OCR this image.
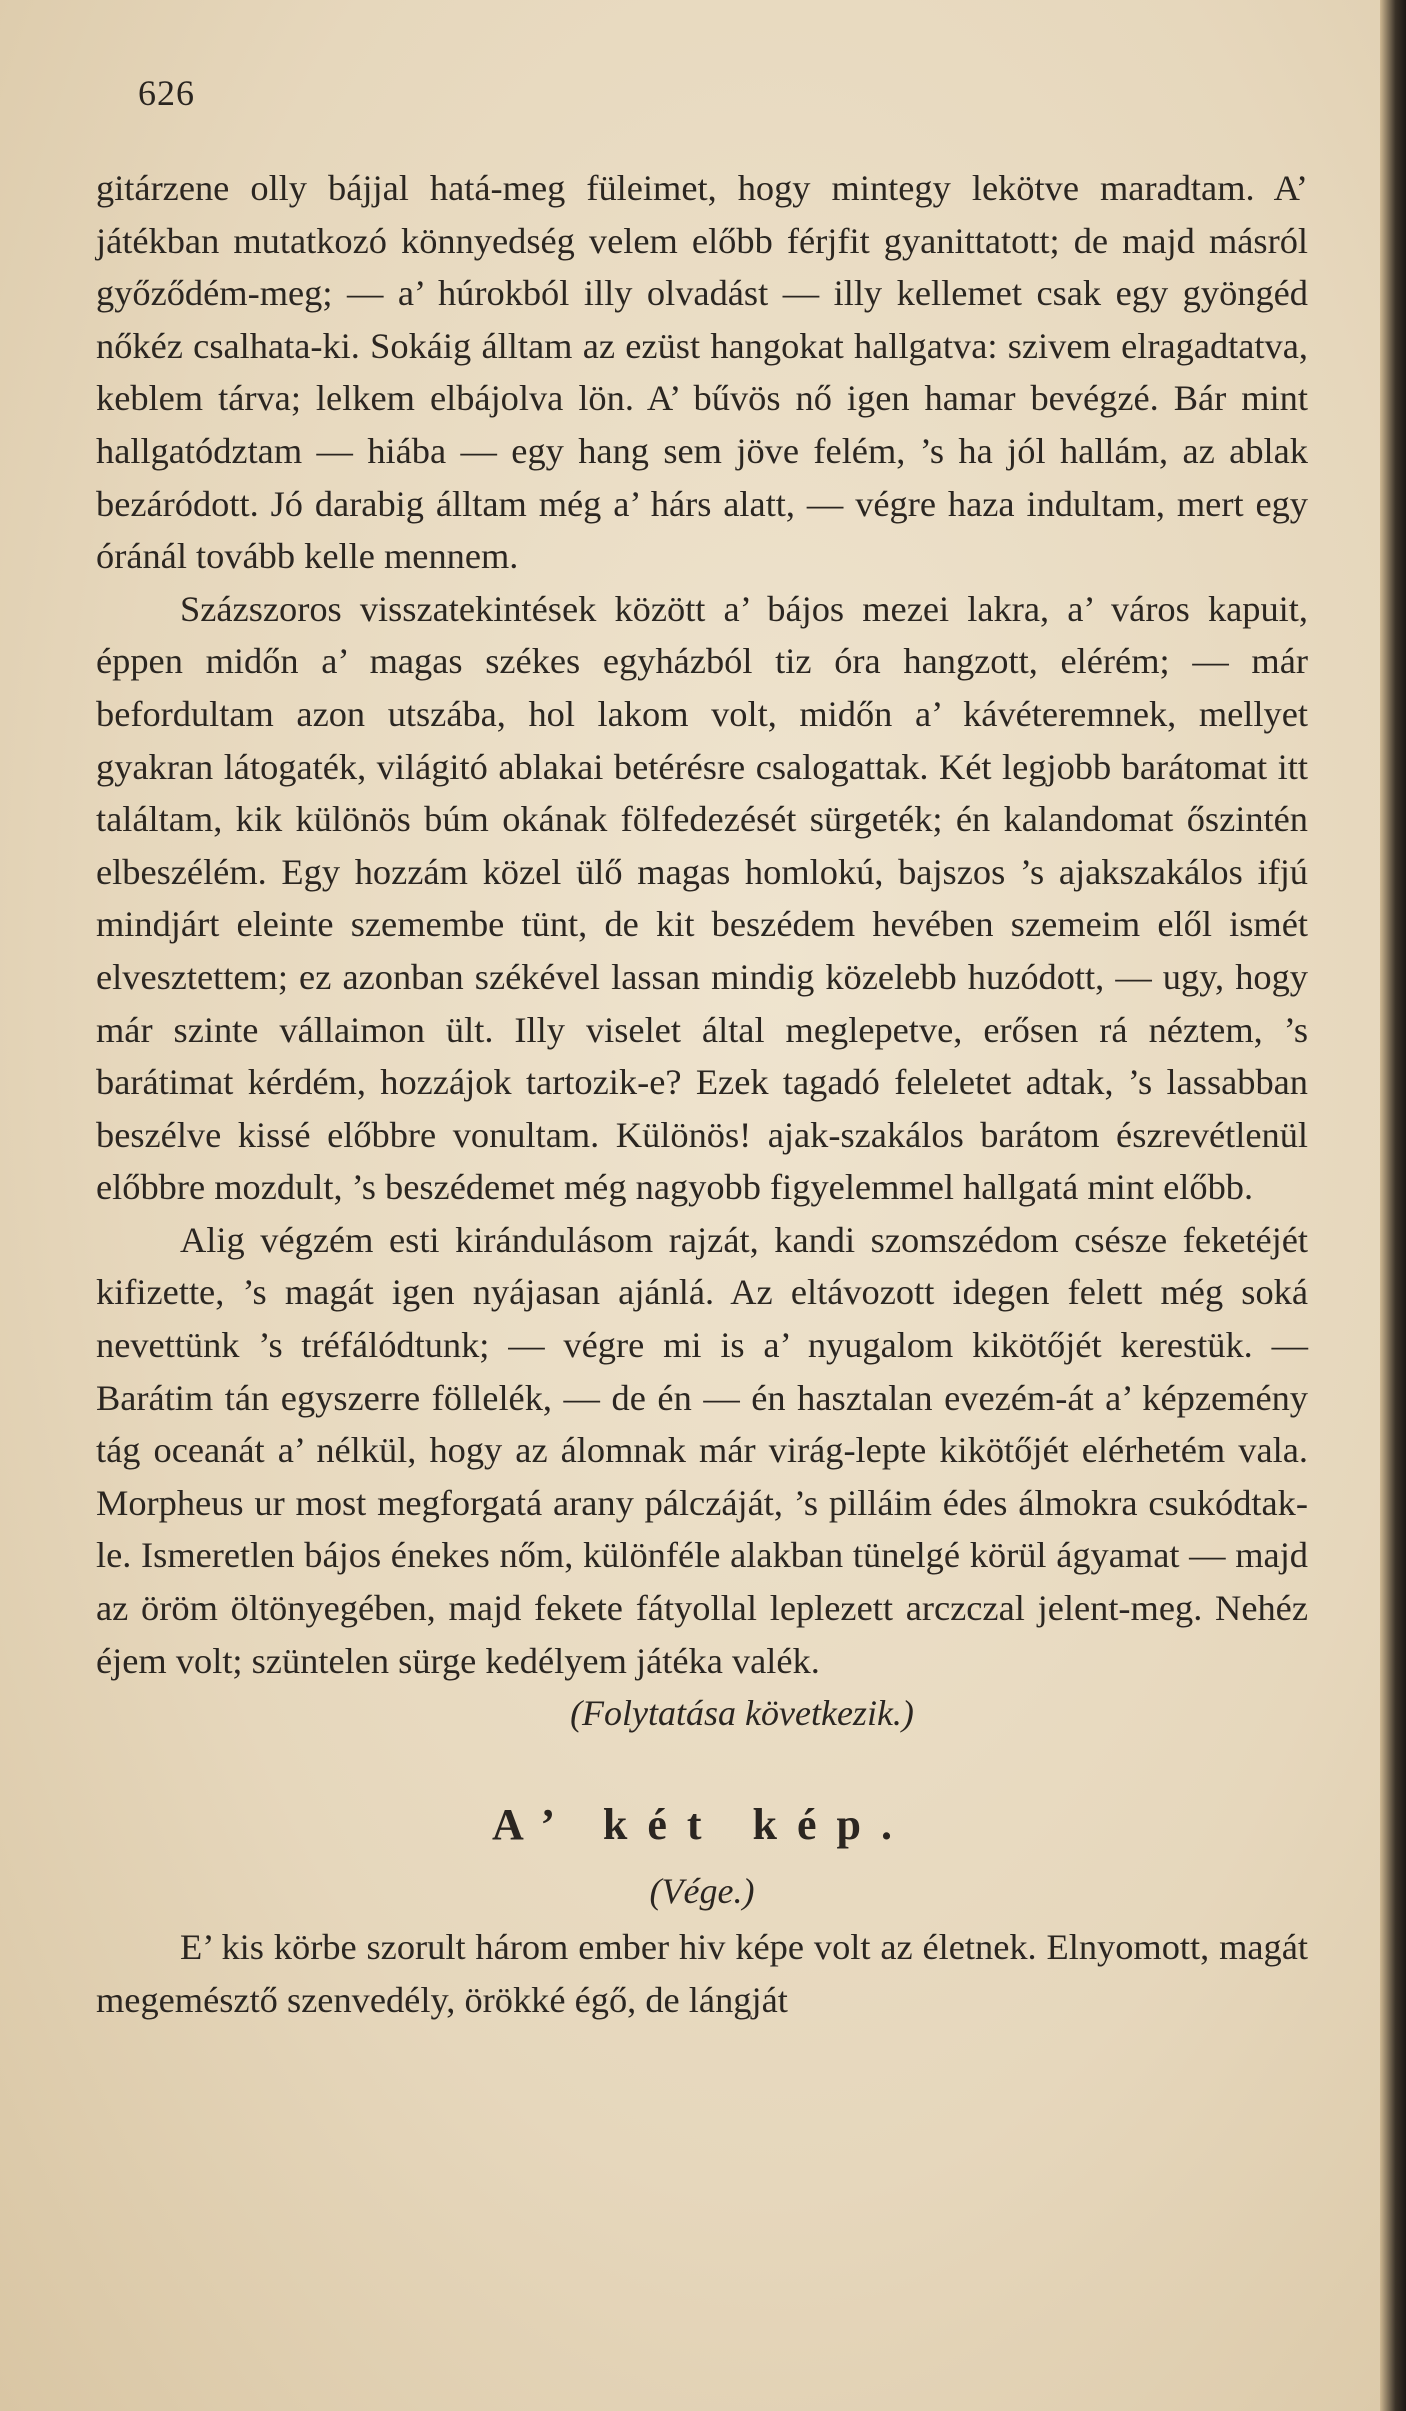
626

gitárzene olly bájjal hatá-meg füleimet, hogy mintegy lekötve maradtam. A’ játékban mutatkozó könnyedség velem előbb férjfit gyanittatott; de majd másról győződém-meg; — a’ húrokból illy olvadást — illy kellemet csak egy gyöngéd nőkéz csalhata-ki. Sokáig álltam az ezüst hangokat hallgatva: szivem elragadtatva, keblem tárva; lelkem elbájolva lön. A’ bűvös nő igen hamar bevégzé. Bár mint hallgatództam — hiába — egy hang sem jöve felém, ’s ha jól hallám, az ablak bezáródott. Jó darabig álltam még a’ hárs alatt, — végre haza indultam, mert egy óránál tovább kelle mennem.

Százszoros visszatekintések között a’ bájos mezei lakra, a’ város kapuit, éppen midőn a’ magas székes egyházból tiz óra hangzott, elérém; — már befordultam azon utszába, hol lakom volt, midőn a’ kávéteremnek, mellyet gyakran látogaték, világitó ablakai betérésre csalogattak. Két legjobb barátomat itt találtam, kik különös búm okának fölfedezését sürgeték; én kalandomat őszintén elbeszélém. Egy hozzám közel ülő magas homlokú, bajszos ’s ajakszakálos ifjú mindjárt eleinte szemembe tünt, de kit beszédem hevében szemeim elől ismét elvesztettem; ez azonban székével lassan mindig közelebb huzódott, — ugy, hogy már szinte vállaimon ült. Illy viselet által meglepetve, erősen rá néztem, ’s barátimat kérdém, hozzájok tartozik-e? Ezek tagadó feleletet adtak, ’s lassabban beszélve kissé előbbre vonultam. Különös! ajak-szakálos barátom észrevétlenül előbbre mozdult, ’s beszédemet még nagyobb figyelemmel hallgatá mint előbb.

Alig végzém esti kirándulásom rajzát, kandi szomszédom csésze feketéjét kifizette, ’s magát igen nyájasan ajánlá. Az eltávozott idegen felett még soká nevettünk ’s tréfálódtunk; — végre mi is a’ nyugalom kikötőjét kerestük. — Barátim tán egyszerre föllelék, — de én — én hasztalan evezém-át a’ képzemény tág oceanát a’ nélkül, hogy az álomnak már virág-lepte kikötőjét elérhetém vala. Morpheus ur most megforgatá arany pálczáját, ’s pilláim édes álmokra csukódtak-le. Ismeretlen bájos énekes nőm, különféle alakban tünelgé körül ágyamat — majd az öröm öltönyegében, majd fekete fátyollal leplezett arczczal jelent-meg. Nehéz éjem volt; szüntelen sürge kedélyem játéka valék.

(Folytatása következik.)

A’ két kép.

(Vége.)

E’ kis körbe szorult három ember hiv képe volt az életnek. Elnyomott, magát megemésztő szenvedély, örökké égő, de lángját
